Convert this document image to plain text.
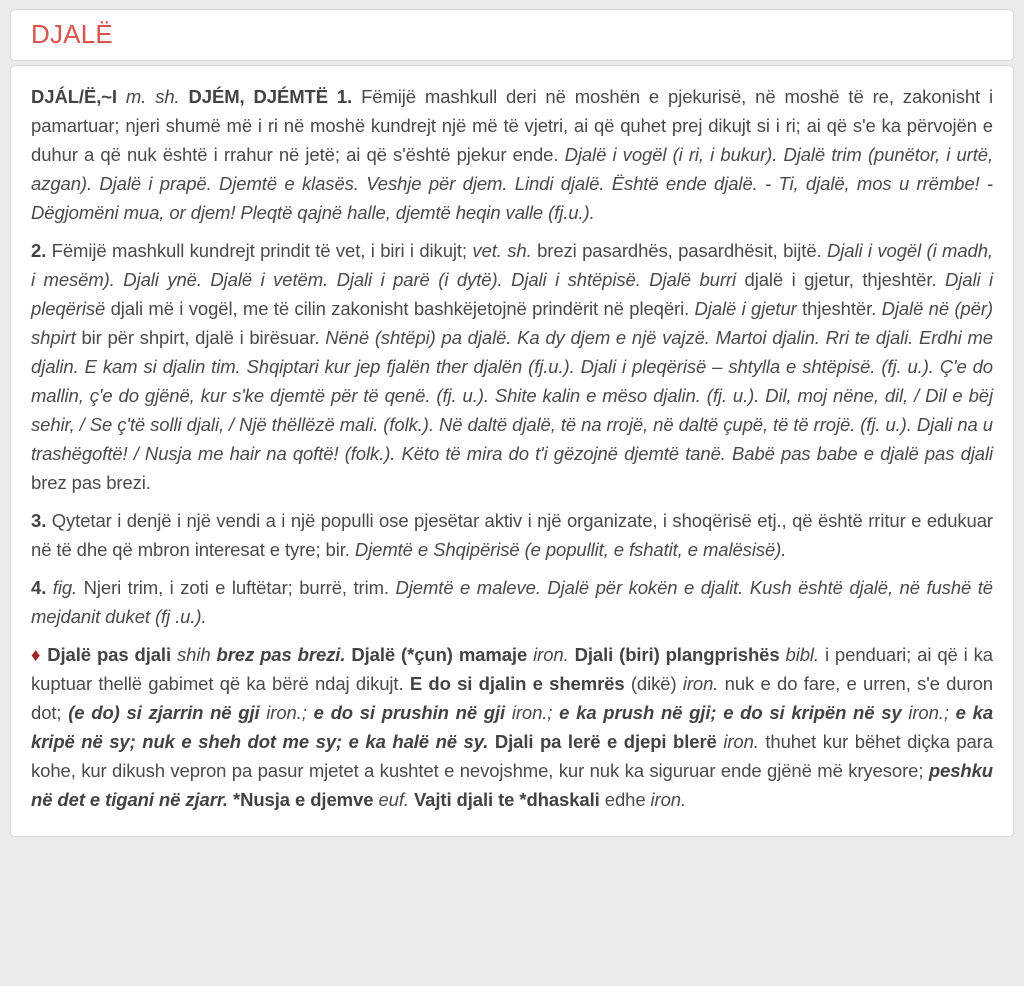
DJALË

DJÁL/Ë,~I m. sh. DJÉM, DJÉMTË 1. Fëmijë mashkull deri në moshën e pjekurisë, në moshë të re, zakonisht i pamartuar; njeri shumë më i ri në moshë kundrejt një më të vjetri, ai që quhet prej dikujt si i ri; ai që s'e ka përvojën e duhur a që nuk është i rrahur në jetë; ai që s'është pjekur ende. Djalë i vogël (i ri, i bukur). Djalë trim (punëtor, i urtë, azgan). Djalë i prapë. Djemtë e klasës. Veshje për djem. Lindi djalë. Është ende djalë. - Ti, djalë, mos u rrëmbe! - Dëgjomëni mua, or djem! Pleqtë qajnë halle, djemtë heqin valle (fj.u.).

2. Fëmijë mashkull kundrejt prindit të vet, i biri i dikujt; vet. sh. brezi pasardhës, pasardhësit, bijtë. Djali i vogël (i madh, i mesëm). Djali ynë. Djalë i vetëm. Djali i parë (i dytë). Djali i shtëpisë. Djalë burri djalë i gjetur, thjeshtër. Djali i pleqërisë djali më i vogël, me të cilin zakonisht bashkëjetojnë prindërit në pleqëri. Djalë i gjetur thjeshtër. Djalë në (për) shpirt bir për shpirt, djalë i birësuar. Nënë (shtëpi) pa djalë. Ka dy djem e një vajzë. Martoi djalin. Rri te djali. Erdhi me djalin. E kam si djalin tim. Shqiptari kur jep fjalën ther djalën (fj.u.). Djali i pleqërisë – shtylla e shtëpisë. (fj. u.). Ç'e do mallin, ç'e do gjënë, kur s'ke djemtë për të qenë. (fj. u.). Shite kalin e mëso djalin. (fj. u.). Dil, moj nëne, dil, / Dil e bëj sehir, / Se ç'të solli djali, / Një thëllëzë mali. (folk.). Në daltë djalë, të na rrojë, në daltë çupë, të të rrojë. (fj. u.). Djali na u trashëgoftë! / Nusja me hair na qoftë! (folk.). Këto të mira do t'i gëzojnë djemtë tanë. Babë pas babe e djalë pas djali brez pas brezi.

3. Qytetar i denjë i një vendi a i një populli ose pjesëtar aktiv i një organizate, i shoqërisë etj., që është rritur e edukuar në të dhe që mbron interesat e tyre; bir. Djemtë e Shqipërisë (e popullit, e fshatit, e malësisë).

4. fig. Njeri trim, i zoti e luftëtar; burrë, trim. Djemtë e maleve. Djalë për kokën e djalit. Kush është djalë, në fushë të mejdanit duket (fj .u.).

♦ Djalë pas djali shih brez pas brezi. Djalë (*çun) mamaje iron. Djali (biri) plangprishës bibl. i penduari; ai që i ka kuptuar thellë gabimet që ka bërë ndaj dikujt. E do si djalin e shemrës (dikë) iron. nuk e do fare, e urren, s'e duron dot; (e do) si zjarrin në gji iron.; e do si prushin në gji iron.; e ka prush në gji; e do si kripën në sy iron.; e ka kripë në sy; nuk e sheh dot me sy; e ka halë në sy. Djali pa lerë e djepi blerë iron. thuhet kur bëhet diçka para kohe, kur dikush vepron pa pasur mjetet a kushtet e nevojshme, kur nuk ka siguruar ende gjënë më kryesore; peshku në det e tigani në zjarr. *Nusja e djemve euf. Vajti djali te *dhaskali edhe iron.
